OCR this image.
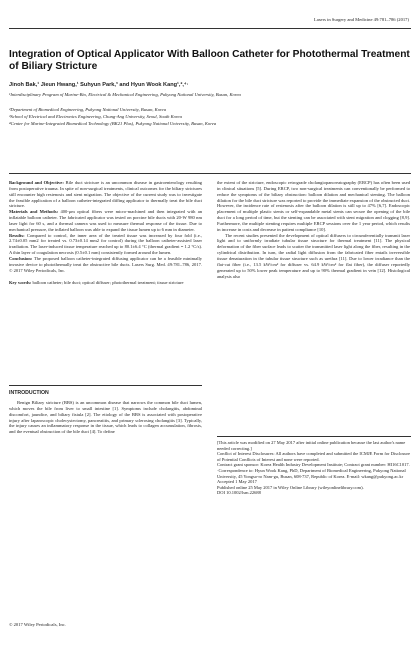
Lasers in Surgery and Medicine 49:781–786 (2017)
Integration of Optical Applicator With Balloon Catheter for Photothermal Treatment of Biliary Stricture
Jinoh Bak,¹ Jieun Hwang,¹ Suhyun Park,³ and Hyun Wook Kang¹,²,⁴·
¹Interdisciplinary Program of Marine-Bio, Electrical & Mechanical Engineering, Pukyong National University, Busan, Korea
²Department of Biomedical Engineering, Pukyong National University, Busan, Korea
³School of Electrical and Electronics Engineering, Chung-Ang University, Seoul, South Korea
⁴Center for Marine-Integrated Biomedical Technology (BK21 Plus), Pukyong National University, Busan, Korea

Background and Objective: Bile duct stricture is an uncommon disease in gastroenterology resulting from postoperative trauma. In spite of non-surgical treatments, clinical outcomes for the biliary strictures still encounter high restenosis and stent migration. The objective of the current study was to investigate the feasible application of a balloon catheter-integrated diffing applicator to thermally treat the bile duct stricture.

Materials and Methods: 400-μm optical fibers were micro-machined and then integrated with an inflatable balloon catheter. The fabricated applicator was tested on porcine bile ducts with 20-W 980 nm laser light for 60 s, and a thermal camera was used to measure thermal response of the tissue. Due to mechanical pressure, the inflated balloon was able to expand the tissue lumen up to 6 mm in diameter.

Results: Compared to control, the inner area of the treated tissue was increased by four fold (i.e., 2.74±0.05 mm2 for treated vs. 0.73±0.14 mm2 for control) during the balloon catheter-assisted laser irradiation. The laser-induced tissue temperature reached up to 80.1±6.4 °C (thermal gradient = 1.2 °C/s). A thin layer of coagulation necrosis (0.5±0.1 mm) consistently formed around the lumen.

Conclusion: The proposed balloon catheter-integrated diffusing applicator can be a feasible minimally invasive device to photothermally treat the obstructive bile ducts. Lasers Surg. Med. 49:781–786, 2017. © 2017 Wiley Periodicals, Inc.

Key words: balloon catheter; bile duct; optical diffuser; photothermal treatment; tissue stricture

the extent of the stricture, endoscopic retrograde cholangiopancreatography (ERCP) has often been used in clinical situations [5]. During ERCP, two non-surgical treatments can conventionally be performed to reduce the symptoms of the biliary obstruction: balloon dilation and mechanical stenting. The balloon dilation for the bile duct stricture was reported to provide the immediate expansion of the obstructed duct. However, the incidence rate of restenosis after the balloon dilation is still up to 47% [6,7]. Endoscopic placement of multiple plastic stents or self-expandable metal stents can secure the opening of the bile duct for a long period of time, but the stenting can be associated with stent migration and clogging [8,9]. Furthermore, the multiple stenting requires multiple ERCP sessions over the 1 year period, which results in increase in costs and decrease in patient compliance [10].

The recent studies presented the development of optical diffusers to circumferentially transmit laser light and to uniformly irradiate tubular tissue structure for thermal treatment [11]. The physical deformation of the fiber surface leads to scatter the transmitted laser light along the fiber, resulting in the cylindrical distribution. In turn, the radial light diffusion from the fabricated fiber entails irreversible tissue denaturation in the tubular tissue structure such as urethra [11]. Due to lower irradiance than the flat-cut fiber (i.e., 13.5 kW/cm² for diffuser vs. 64.9 kW/cm² for flat fiber), the diffuser reportedly generated up to 50% lower peak temperature and up to 90% thermal gradient in vein [12]. Histological analysis also

INTRODUCTION

Benign Biliary stricture (BBS) is an uncommon disease that narrows the common bile duct lumen, which moves the bile from liver to small intestine [1]. Symptoms include cholangitis, abdominal discomfort, jaundice, and biliary fistula [2]. The etiology of the BBS is associated with postoperative injury after laparoscopic cholecystectomy, pancreatitis, and primary sclerosing cholangitis [3]. Typically, the injury causes an inflammatory response in the tissue, which leads to collagen accumulation, fibrosis, and the eventual obstruction of the bile duct [4]. To define

[This article was modified on 27 May 2017 after initial online publication because the last author's name needed correcting.]

Conflict of Interest Disclosures: All authors have completed and submitted the ICMJE Form for Disclosure of Potential Conflicts of Interest and none were reported.

Contract grant sponsor: Korea Health Industry Development Institute; Contract grant number: HI16C1017.

·Correspondence to: Hyun Wook Kang, PhD, Department of Biomedical Engineering, Pukyong National University, 45 Yongso-ro Nam-gu, Busan, 608-737, Republic of Korea. E-mail: wkang@pukyong.ac.kr

Accepted 1 May 2017

Published online 25 May 2017 in Wiley Online Library (wileyonlinelibrary.com).

DOI 10.1002/lsm.22688

© 2017 Wiley Periodicals, Inc.
